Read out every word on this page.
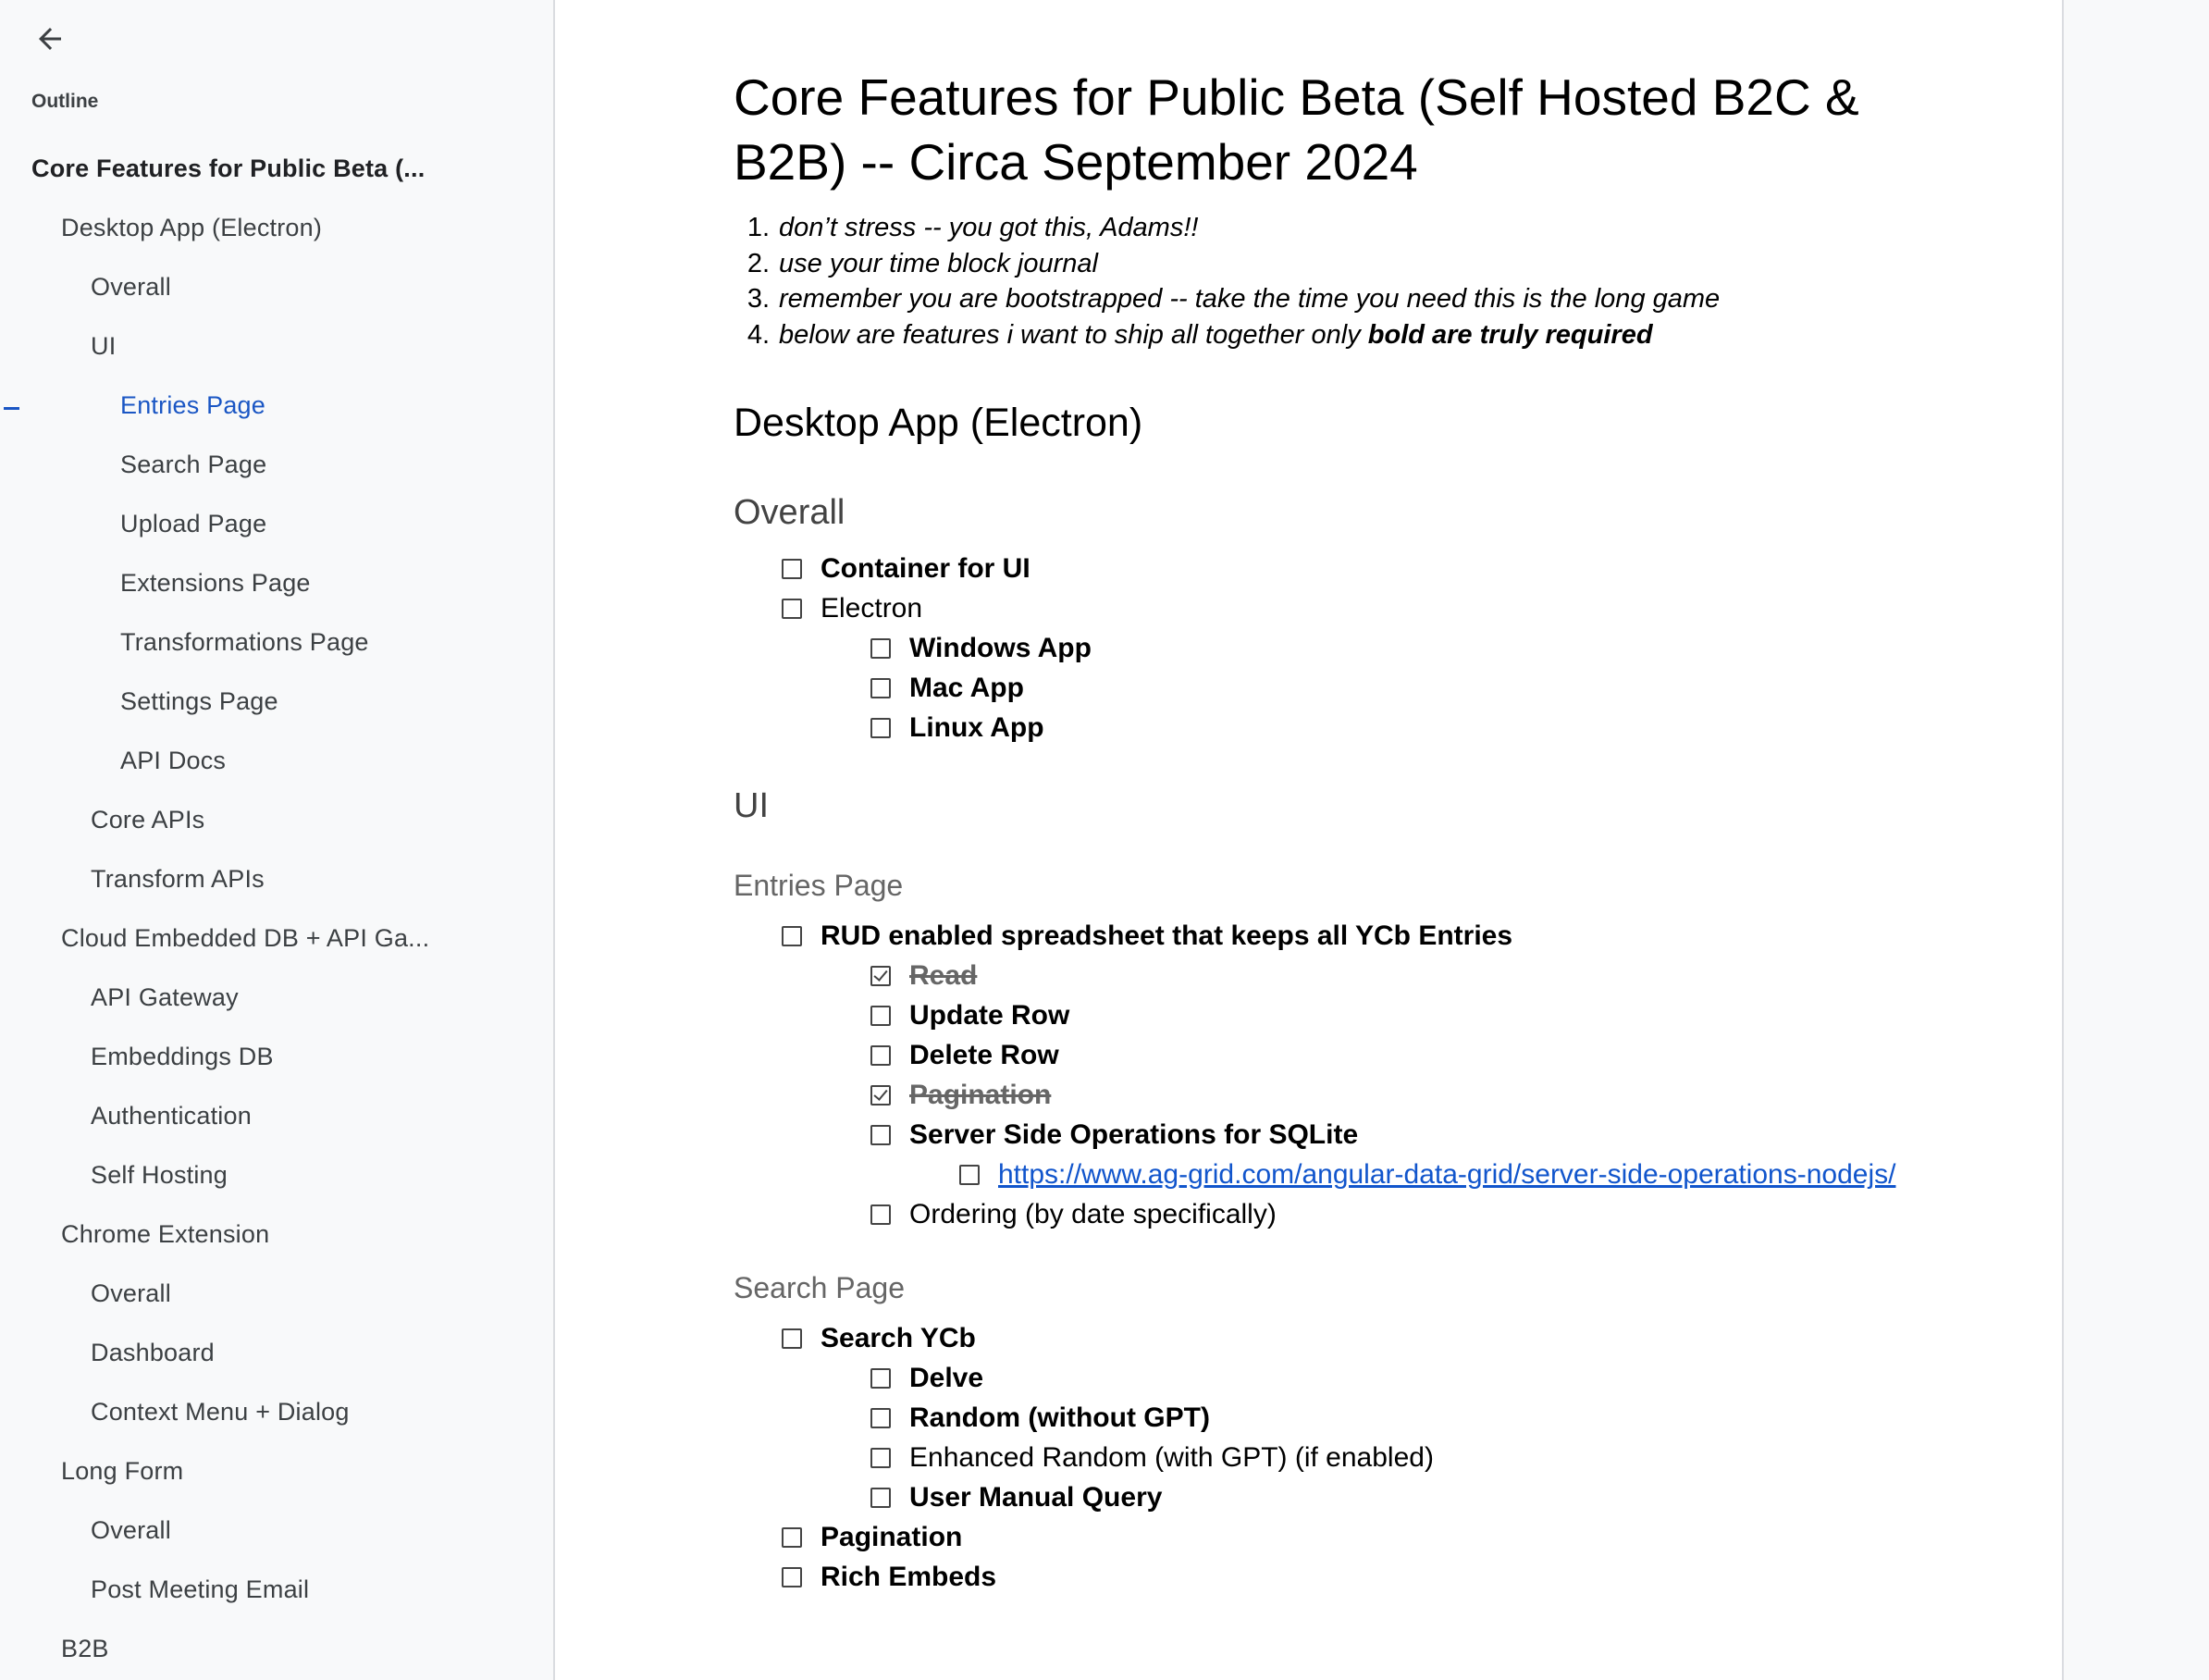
Outline
Core Features for Public Beta (...
Desktop App (Electron)
Overall
UI
Entries Page
Search Page
Upload Page
Extensions Page
Transformations Page
Settings Page
API Docs
Core APIs
Transform APIs
Cloud Embedded DB + API Ga...
API Gateway
Embeddings DB
Authentication
Self Hosting
Chrome Extension
Overall
Dashboard
Context Menu + Dialog
Long Form
Overall
Post Meeting Email
B2B
Core Features for Public Beta (Self Hosted B2C & B2B) -- Circa September 2024
1. don’t stress -- you got this, Adams!!
2. use your time block journal
3. remember you are bootstrapped -- take the time you need this is the long game
4. below are features i want to ship all together only bold are truly required
Desktop App (Electron)
Overall
Container for UI
Electron
Windows App
Mac App
Linux App
UI
Entries Page
RUD enabled spreadsheet that keeps all YCb Entries
Read
Update Row
Delete Row
Pagination
Server Side Operations for SQLite
https://www.ag-grid.com/angular-data-grid/server-side-operations-nodejs/
Ordering (by date specifically)
Search Page
Search YCb
Delve
Random (without GPT)
Enhanced Random (with GPT) (if enabled)
User Manual Query
Pagination
Rich Embeds
